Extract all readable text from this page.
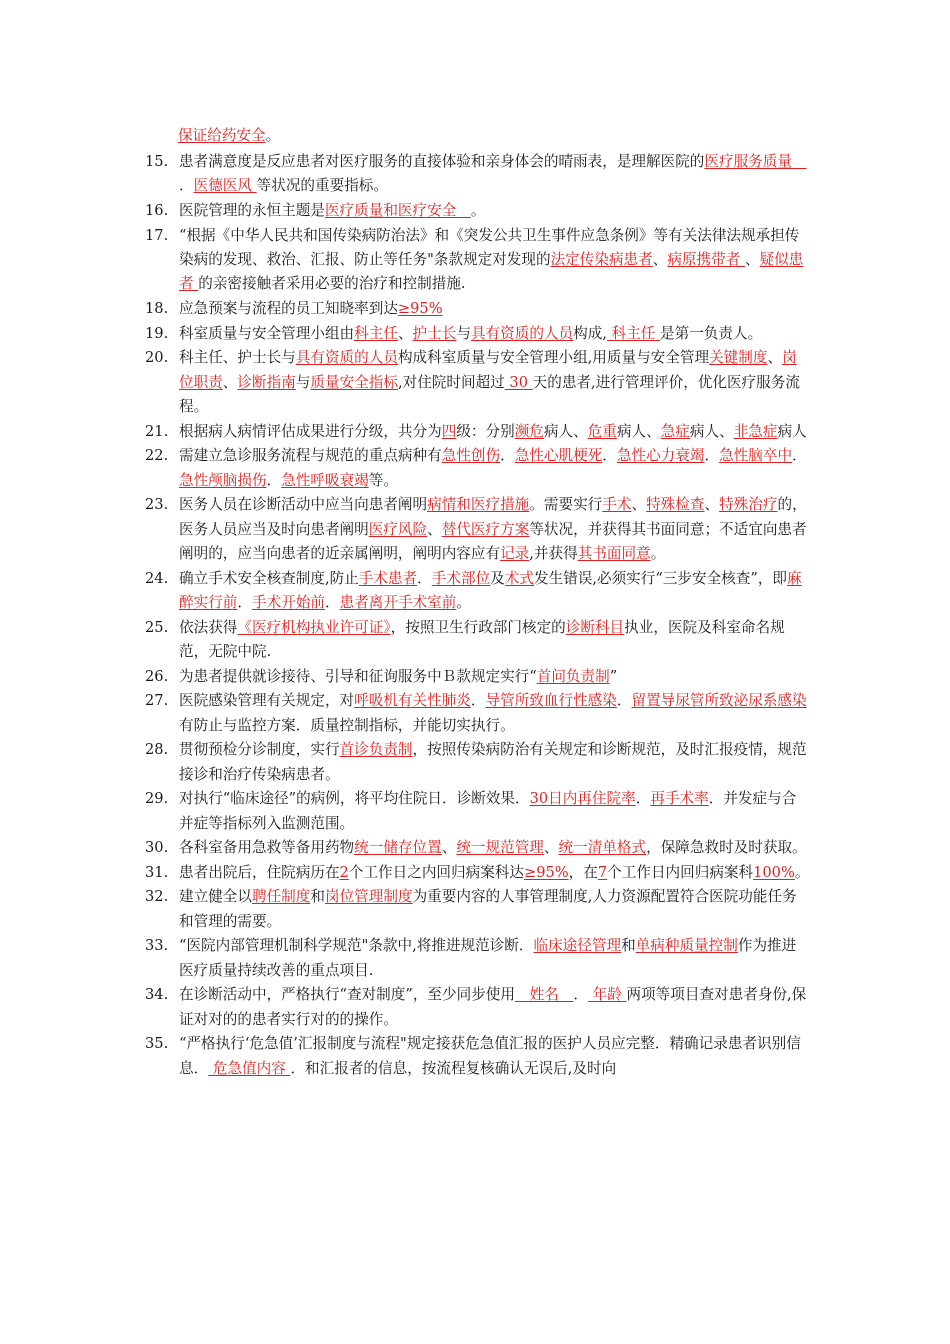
保证给药安全。
15. 患者满意度是反应患者对医疗服务的直接体验和亲身体会的晴雨表，是理解医院的医疗服务质量　．医德医风 等状况的重要指标。
16. 医院管理的永恒主题是医疗质量和医疗安全　。
17. “根据《中华人民共和国传染病防治法》和《突发公共卫生事件应急条例》等有关法律法规承担传染病的发现、救治、汇报、防止等任务"条款规定对发现的法定传染病患者、病原携带者 、疑似患者 的亲密接触者采用必要的治疗和控制措施.
18. 应急预案与流程的员工知晓率到达≥95%
19. 科室质量与安全管理小组由科主任、护士长与具有资质的人员构成, 科主任 是第一负责人。
20. 科主任、护士长与具有资质的人员构成科室质量与安全管理小组,用质量与安全管理关键制度、岗位职责、诊断指南与质量安全指标,对住院时间超过 30 天的患者,进行管理评价，优化医疗服务流程。
21. 根据病人病情评估成果进行分级，共分为四级：分别濒危病人、危重病人、急症病人、非急症病人
22. 需建立急诊服务流程与规范的重点病种有急性创伤．急性心肌梗死．急性心力衰竭．急性脑卒中．急性颅脑损伤．急性呼吸衰竭等。
23. 医务人员在诊断活动中应当向患者阐明病情和医疗措施。需要实行手术、特殊检查、特殊治疗的，医务人员应当及时向患者阐明医疗风险、替代医疗方案等状况，并获得其书面同意；不适宜向患者阐明的，应当向患者的近亲属阐明，阐明内容应有记录,并获得其书面同意。
24. 确立手术安全核查制度,防止手术患者．手术部位及术式发生错误,必须实行“三步安全核查”，即麻醉实行前．手术开始前．患者离开手术室前。
25. 依法获得《医疗机构执业许可证》，按照卫生行政部门核定的诊断科目执业，医院及科室命名规范，无院中院.
26. 为患者提供就诊接待、引导和征询服务中Ｂ款规定实行“首问负责制”
27. 医院感染管理有关规定，对呼吸机有关性肺炎．导管所致血行性感染．留置导尿管所致泌尿系感染有防止与监控方案．质量控制指标，并能切实执行。
28. 贯彻预检分诊制度，实行首诊负责制，按照传染病防治有关规定和诊断规范，及时汇报疫情，规范接诊和治疗传染病患者。
29. 对执行“临床途径”的病例，将平均住院日．诊断效果．30日内再住院率．再手术率．并发症与合并症等指标列入监测范围。
30. 各科室备用急救等备用药物统一储存位置、统一规范管理、统一清单格式，保障急救时及时获取。
31. 患者出院后，住院病历在2个工作日之内回归病案科达≥95%，在7个工作日内回归病案科100%。
32. 建立健全以聘任制度和岗位管理制度为重要内容的人事管理制度,人力资源配置符合医院功能任务和管理的需要。
33. “医院内部管理机制科学规范"条款中,将推进规范诊断．临床途径管理和单病种质量控制作为推进医疗质量持续改善的重点项目.
34. 在诊断活动中，严格执行“查对制度”，至少同步使用　姓名　． 年龄 两项等项目查对患者身份,保证对对的的患者实行对的的操作。
35. “严格执行‘危急值’汇报制度与流程"规定接获危急值汇报的医护人员应完整．精确记录患者识别信息． 危急值内容 ．和汇报者的信息，按流程复核确认无误后,及时向
